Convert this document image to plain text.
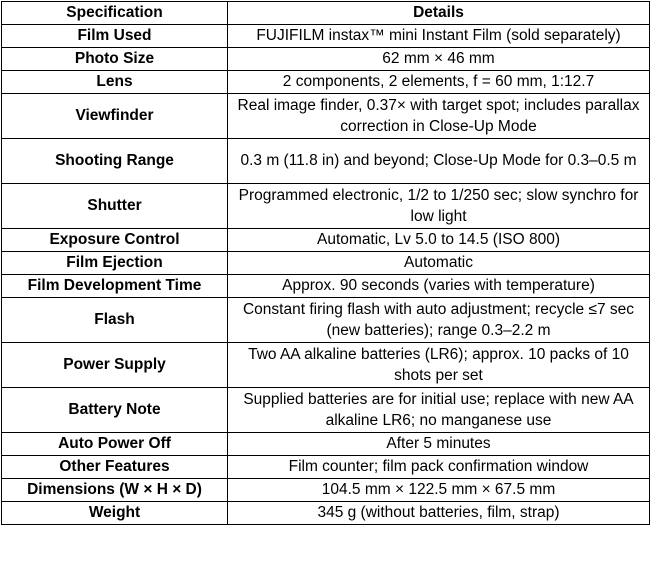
Specification	Details
Film Used	FUJIFILM instax™ mini Instant Film (sold separately)
Photo Size	62 mm × 46 mm
Lens	2 components, 2 elements, f = 60 mm, 1:12.7
Viewfinder	Real image finder, 0.37× with target spot; includes parallax correction in Close-Up Mode
Shooting Range	0.3 m (11.8 in) and beyond; Close-Up Mode for 0.3–0.5 m
Shutter	Programmed electronic, 1/2 to 1/250 sec; slow synchro for low light
Exposure Control	Automatic, Lv 5.0 to 14.5 (ISO 800)
Film Ejection	Automatic
Film Development Time	Approx. 90 seconds (varies with temperature)
Flash	Constant firing flash with auto adjustment; recycle ≤7 sec (new batteries); range 0.3–2.2 m
Power Supply	Two AA alkaline batteries (LR6); approx. 10 packs of 10 shots per set
Battery Note	Supplied batteries are for initial use; replace with new AA alkaline LR6; no manganese use
Auto Power Off	After 5 minutes
Other Features	Film counter; film pack confirmation window
Dimensions (W × H × D)	104.5 mm × 122.5 mm × 67.5 mm
Weight	345 g (without batteries, film, strap)
